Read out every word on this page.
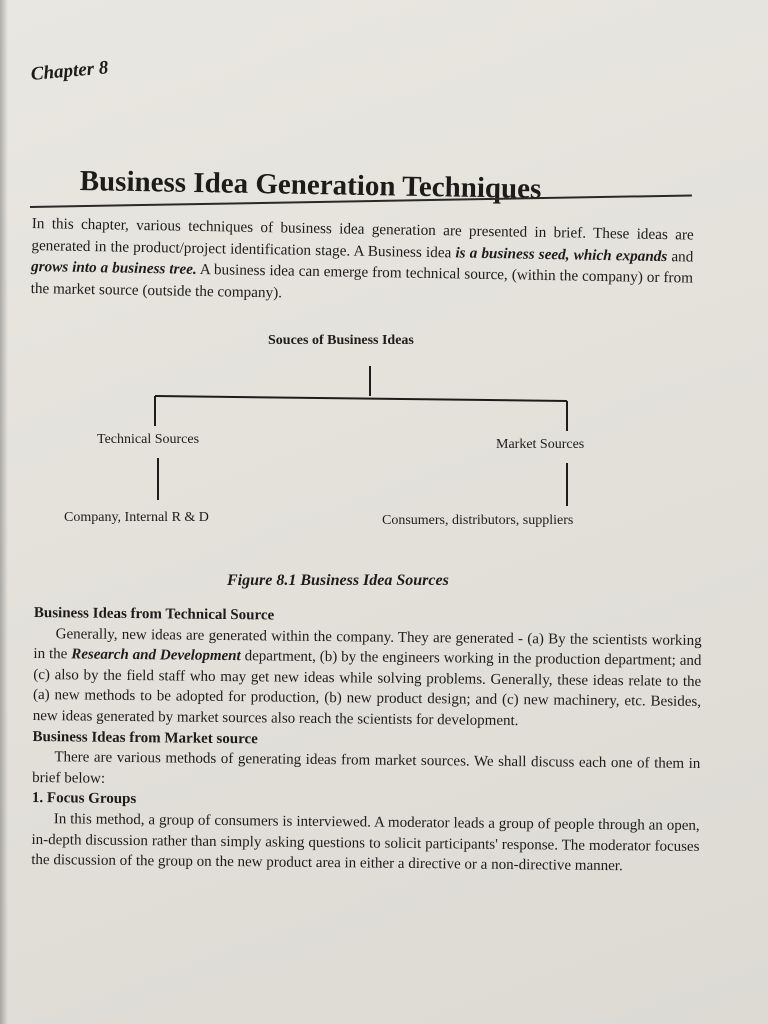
Chapter 8
Business Idea Generation Techniques
In this chapter, various techniques of business idea generation are presented in brief. These ideas are generated in the product/project identification stage. A Business idea is a business seed, which expands and grows into a business tree. A business idea can emerge from technical source, (within the company) or from the market source (outside the company).
Souces of Business Ideas
Technical Sources	Market Sources
Company, Internal R & D	Consumers, distributors, suppliers
Figure 8.1 Business Idea Sources
Business Ideas from Technical Source

Generally, new ideas are generated within the company. They are generated - (a) By the scientists working in the Research and Development department, (b) by the engineers working in the production department; and (c) also by the field staff who may get new ideas while solving problems. Generally, these ideas relate to the (a) new methods to be adopted for production, (b) new product design; and (c) new machinery, etc. Besides, new ideas generated by market sources also reach the scientists for development.

Business Ideas from Market source

There are various methods of generating ideas from market sources. We shall discuss each one of them in brief below:

1. Focus Groups

In this method, a group of consumers is interviewed. A moderator leads a group of people through an open, in-depth discussion rather than simply asking questions to solicit participants' response. The moderator focuses the discussion of the group on the new product area in either a directive or a non-directive manner.
